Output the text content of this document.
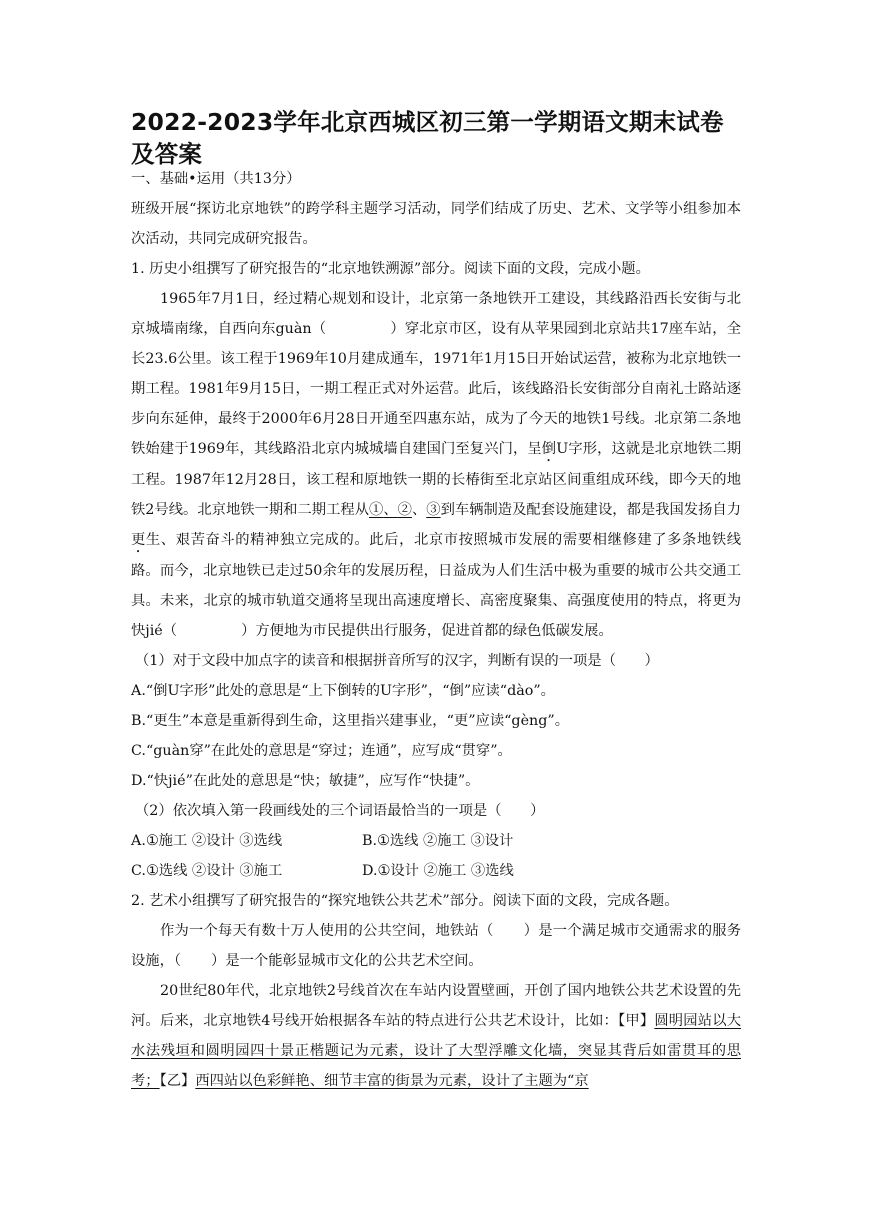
2022-2023学年北京西城区初三第一学期语文期末试卷及答案

一、基础•运用（共13分）

班级开展“探访北京地铁”的跨学科主题学习活动，同学们结成了历史、艺术、文学等小组参加本次活动，共同完成研究报告。

1. 历史小组撰写了研究报告的“北京地铁溯源”部分。阅读下面的文段，完成小题。

1965年7月1日，经过精心规划和设计，北京第一条地铁开工建设，其线路沿西长安街与北京城墙南缘，自西向东guàn（	）穿北京市区，设有从苹果园到北京站共17座车站，全长23.6公里。该工程于1969年10月建成通车，1971年1月15日开始试运营，被称为北京地铁一期工程。1981年9月15日，一期工程正式对外运营。此后，该线路沿长安街部分自南礼士路站逐步向东延伸，最终于2000年6月28日开通至四惠东站，成为了今天的地铁1号线。北京第二条地铁始建于1969年，其线路沿北京内城城墙自建国门至复兴门，呈倒U字形，这就是北京地铁二期工程。1987年12月28日，该工程和原地铁一期的长椿街至北京站区间重组成环线，即今天的地铁2号线。北京地铁一期和二期工程从①、②、③到车辆制造及配套设施建设，都是我国发扬自力更生、艰苦奋斗的精神独立完成的。此后，北京市按照城市发展的需要相继修建了多条地铁线路。而今，北京地铁已走过50余年的发展历程，日益成为人们生活中极为重要的城市公共交通工具。未来，北京的城市轨道交通将呈现出高速度增长、高密度聚集、高强度使用的特点，将更为快jié（	）方便地为市民提供出行服务，促进首都的绿色低碳发展。

（1）对于文段中加点字的读音和根据拼音所写的汉字，判断有误的一项是（　　）

A.“倒U字形”此处的意思是“上下倒转的U字形”，“倒”应读“dào”。

B.“更生”本意是重新得到生命，这里指兴建事业，“更”应读“gèng”。

C.“guàn穿”在此处的意思是“穿过；连通”，应写成“贯穿”。

D.“快jié”在此处的意思是“快；敏捷”，应写作“快捷”。

（2）依次填入第一段画线处的三个词语最恰当的一项是（　　）

A.①施工 ②设计 ③选线	B.①选线 ②施工 ③设计
C.①选线 ②设计 ③施工	D.①设计 ②施工 ③选线

2. 艺术小组撰写了研究报告的“探究地铁公共艺术”部分。阅读下面的文段，完成各题。

作为一个每天有数十万人使用的公共空间，地铁站（ ）是一个满足城市交通需求的服务设施，（ ）是一个能彰显城市文化的公共艺术空间。

20世纪80年代，北京地铁2号线首次在车站内设置壁画，开创了国内地铁公共艺术设置的先河。后来，北京地铁4号线开始根据各车站的特点进行公共艺术设计，比如：【甲】圆明园站以大水法残垣和圆明园四十景正楷题记为元素，设计了大型浮雕文化墙，突显其背后如雷贯耳的思考；【乙】西四站以色彩鲜艳、细节丰富的街景为元素，设计了主题为“京
